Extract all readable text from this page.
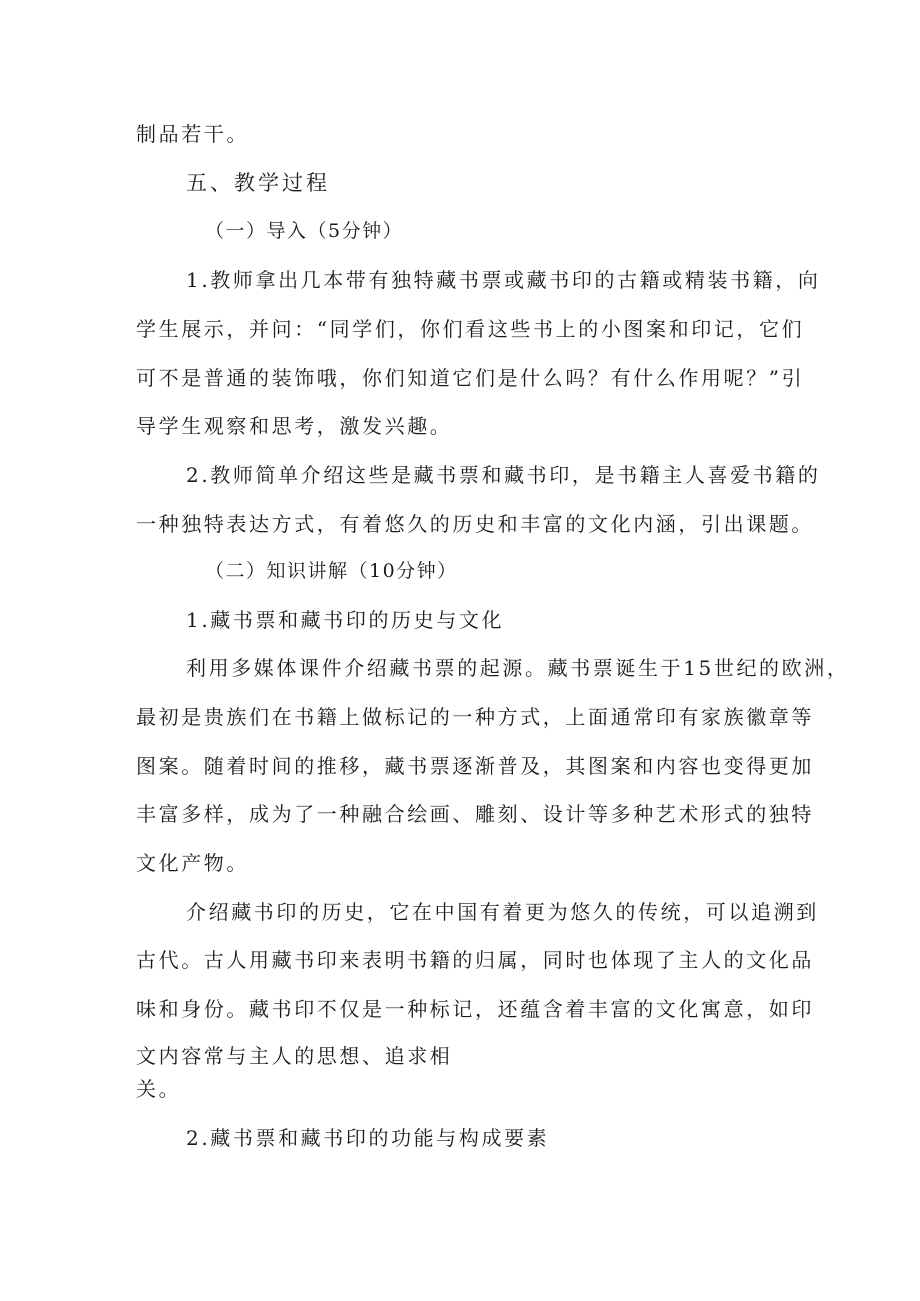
制品若干。
五、教学过程
（一）导入（5分钟）
1.教师拿出几本带有独特藏书票或藏书印的古籍或精装书籍，向
学生展示，并问：“同学们，你们看这些书上的小图案和印记，它们
可不是普通的装饰哦，你们知道它们是什么吗？有什么作用呢？”引
导学生观察和思考，激发兴趣。
2.教师简单介绍这些是藏书票和藏书印，是书籍主人喜爱书籍的
一种独特表达方式，有着悠久的历史和丰富的文化内涵，引出课题。
（二）知识讲解（10分钟）
1.藏书票和藏书印的历史与文化
利用多媒体课件介绍藏书票的起源。藏书票诞生于15世纪的欧洲，
最初是贵族们在书籍上做标记的一种方式，上面通常印有家族徽章等
图案。随着时间的推移，藏书票逐渐普及，其图案和内容也变得更加
丰富多样，成为了一种融合绘画、雕刻、设计等多种艺术形式的独特
文化产物。
介绍藏书印的历史，它在中国有着更为悠久的传统，可以追溯到
古代。古人用藏书印来表明书籍的归属，同时也体现了主人的文化品
味和身份。藏书印不仅是一种标记，还蕴含着丰富的文化寓意，如印
文内容常与主人的思想、追求相
关。
2.藏书票和藏书印的功能与构成要素
